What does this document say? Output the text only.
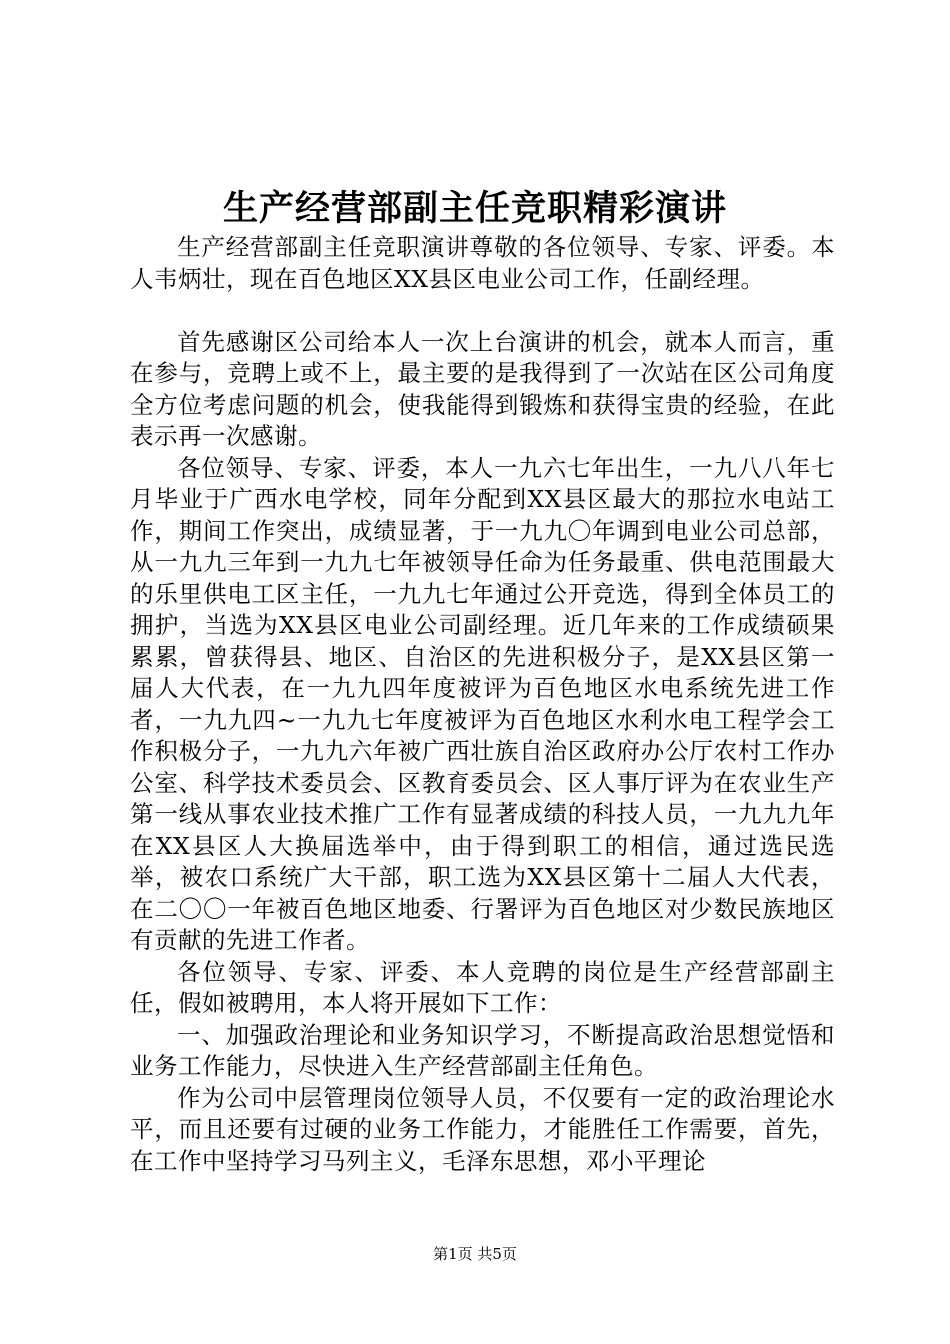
生产经营部副主任竞职精彩演讲

生产经营部副主任竞职演讲尊敬的各位领导、专家、评委。本人韦炳壮，现在百色地区XX县区电业公司工作，任副经理。

首先感谢区公司给本人一次上台演讲的机会，就本人而言，重在参与，竞聘上或不上，最主要的是我得到了一次站在区公司角度全方位考虑问题的机会，使我能得到锻炼和获得宝贵的经验，在此表示再一次感谢。

各位领导、专家、评委，本人一九六七年出生，一九八八年七月毕业于广西水电学校，同年分配到XX县区最大的那拉水电站工作，期间工作突出，成绩显著，于一九九〇年调到电业公司总部，从一九九三年到一九九七年被领导任命为任务最重、供电范围最大的乐里供电工区主任，一九九七年通过公开竞选，得到全体员工的拥护，当选为XX县区电业公司副经理。近几年来的工作成绩硕果累累，曾获得县、地区、自治区的先进积极分子，是XX县区第一届人大代表，在一九九四年度被评为百色地区水电系统先进工作者，一九九四~一九九七年度被评为百色地区水利水电工程学会工作积极分子，一九九六年被广西壮族自治区政府办公厅农村工作办公室、科学技术委员会、区教育委员会、区人事厅评为在农业生产第一线从事农业技术推广工作有显著成绩的科技人员，一九九九年在XX县区人大换届选举中，由于得到职工的相信，通过选民选举，被农口系统广大干部，职工选为XX县区第十二届人大代表，在二〇〇一年被百色地区地委、行署评为百色地区对少数民族地区有贡献的先进工作者。

各位领导、专家、评委、本人竞聘的岗位是生产经营部副主任，假如被聘用，本人将开展如下工作：

一、加强政治理论和业务知识学习，不断提高政治思想觉悟和业务工作能力，尽快进入生产经营部副主任角色。

作为公司中层管理岗位领导人员，不仅要有一定的政治理论水平，而且还要有过硬的业务工作能力，才能胜任工作需要，首先，在工作中坚持学习马列主义，毛泽东思想，邓小平理论

第1页 共5页
